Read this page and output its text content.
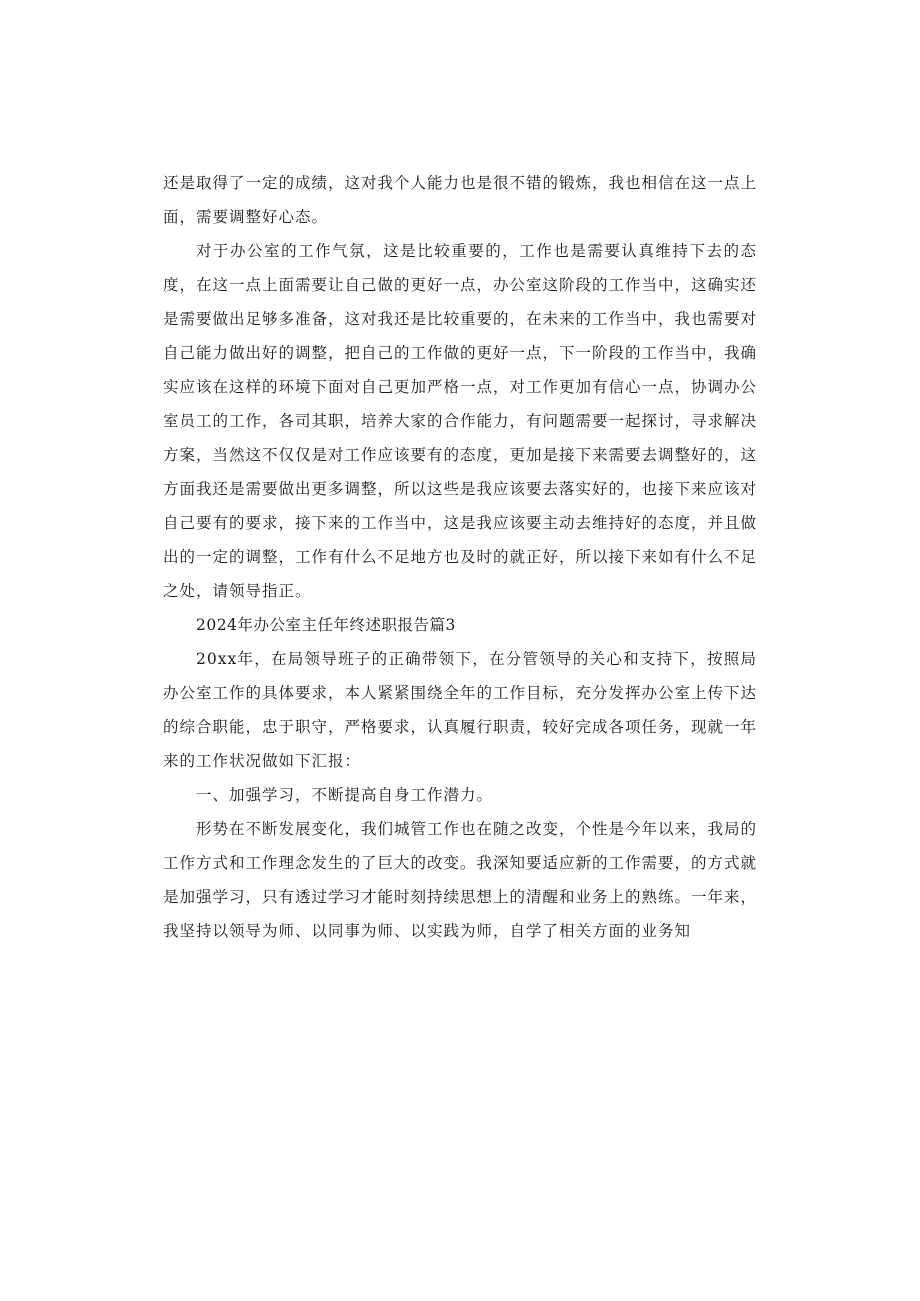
还是取得了一定的成绩，这对我个人能力也是很不错的锻炼，我也相信在这一点上面，需要调整好心态。

对于办公室的工作气氛，这是比较重要的，工作也是需要认真维持下去的态度，在这一点上面需要让自己做的更好一点，办公室这阶段的工作当中，这确实还是需要做出足够多准备，这对我还是比较重要的，在未来的工作当中，我也需要对自己能力做出好的调整，把自己的工作做的更好一点，下一阶段的工作当中，我确实应该在这样的环境下面对自己更加严格一点，对工作更加有信心一点，协调办公室员工的工作，各司其职，培养大家的合作能力，有问题需要一起探讨，寻求解决方案，当然这不仅仅是对工作应该要有的态度，更加是接下来需要去调整好的，这方面我还是需要做出更多调整，所以这些是我应该要去落实好的，也接下来应该对自己要有的要求，接下来的工作当中，这是我应该要主动去维持好的态度，并且做出的一定的调整，工作有什么不足地方也及时的就正好，所以接下来如有什么不足之处，请领导指正。

2024年办公室主任年终述职报告篇3

20xx年，在局领导班子的正确带领下，在分管领导的关心和支持下，按照局办公室工作的具体要求，本人紧紧围绕全年的工作目标，充分发挥办公室上传下达的综合职能，忠于职守，严格要求，认真履行职责，较好完成各项任务，现就一年来的工作状况做如下汇报：

一、加强学习，不断提高自身工作潜力。

形势在不断发展变化，我们城管工作也在随之改变，个性是今年以来，我局的工作方式和工作理念发生的了巨大的改变。我深知要适应新的工作需要，的方式就是加强学习，只有透过学习才能时刻持续思想上的清醒和业务上的熟练。一年来，我坚持以领导为师、以同事为师、以实践为师，自学了相关方面的业务知
